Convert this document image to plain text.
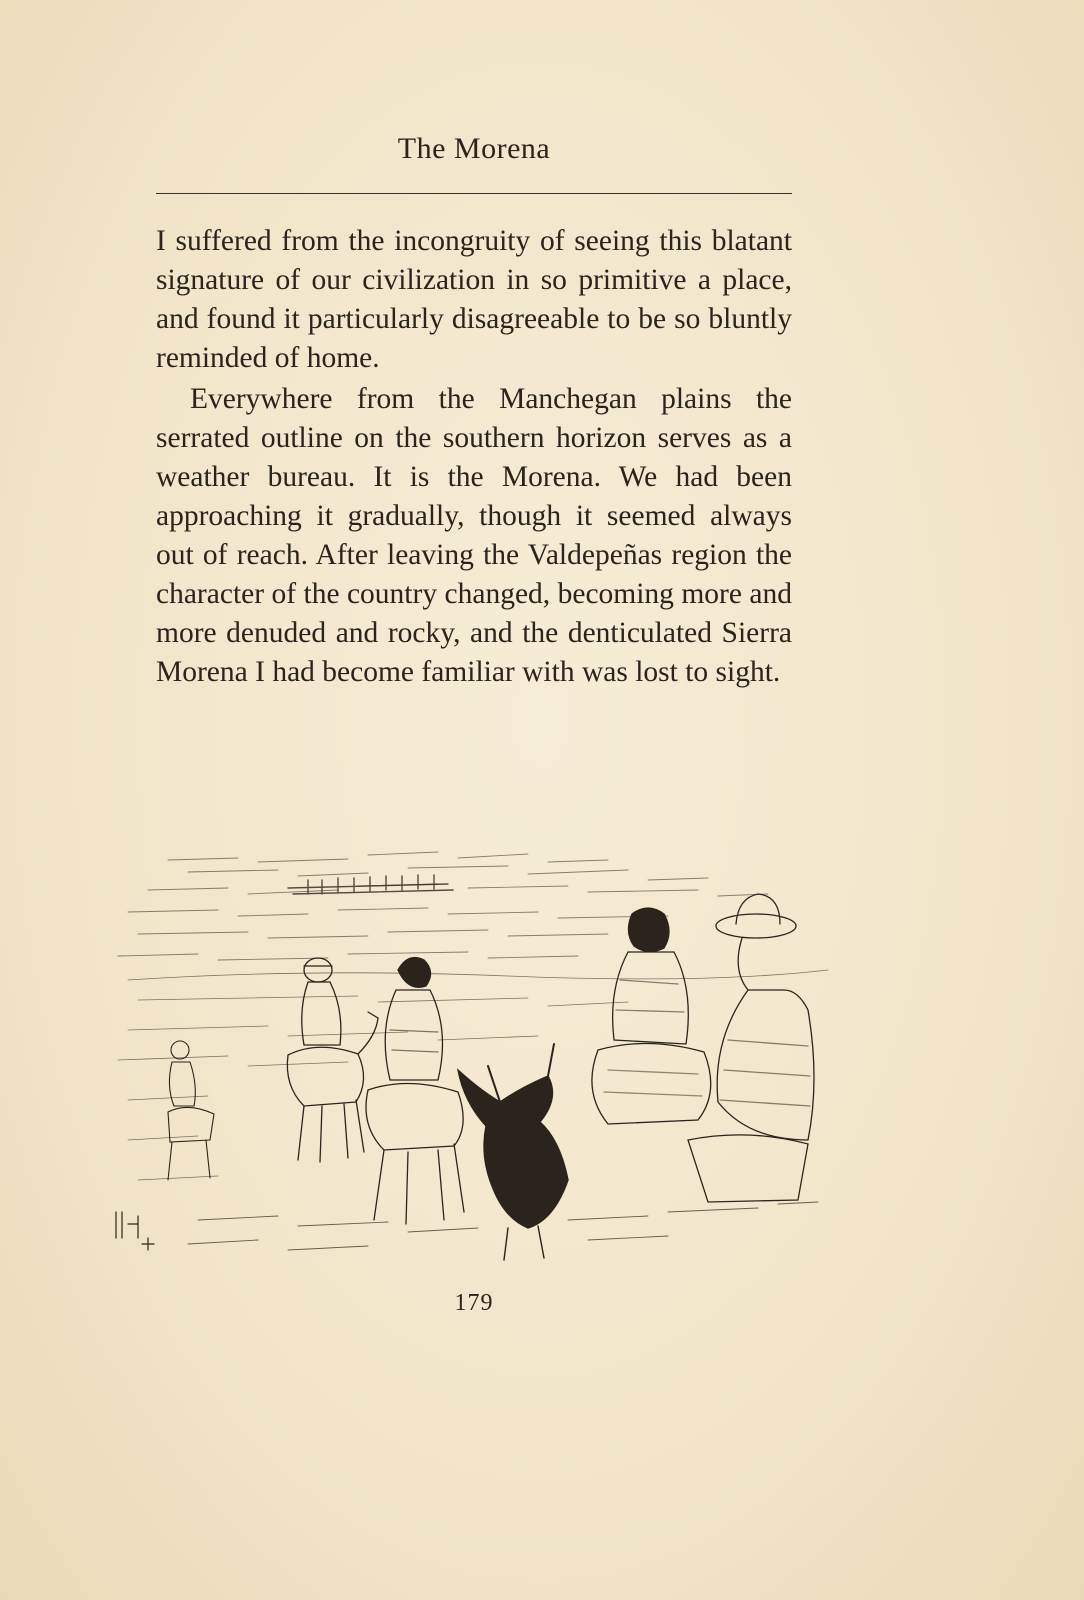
The Morena

I suffered from the incongruity of seeing this blatant signature of our civilization in so primitive a place, and found it particularly disagreeable to be so bluntly reminded of home.

Everywhere from the Manchegan plains the serrated outline on the southern horizon serves as a weather bureau. It is the Morena. We had been approaching it gradually, though it seemed always out of reach. After leaving the Valdepeñas region the character of the country changed, becoming more and more denuded and rocky, and the denticulated Sierra Morena I had become familiar with was lost to sight.

179
